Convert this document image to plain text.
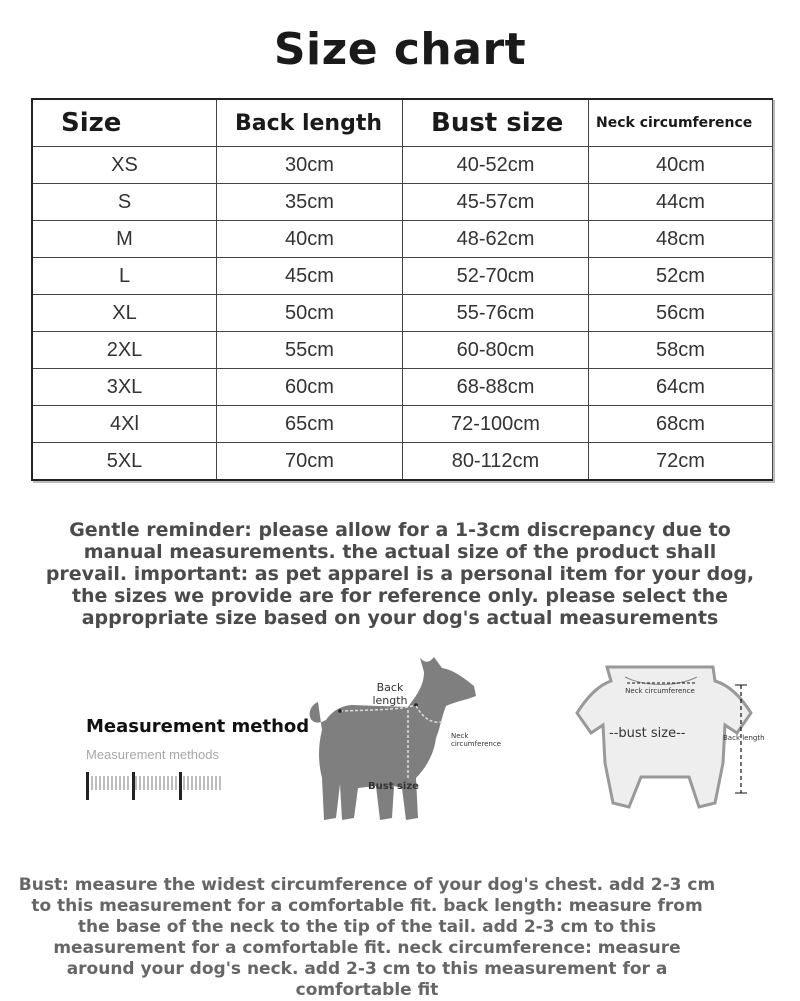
Size chart
Size	Back length	Bust size	Neck circumference
XS	30cm	40-52cm	40cm
S	35cm	45-57cm	44cm
M	40cm	48-62cm	48cm
L	45cm	52-70cm	52cm
XL	50cm	55-76cm	56cm
2XL	55cm	60-80cm	58cm
3XL	60cm	68-88cm	64cm
4Xl	65cm	72-100cm	68cm
5XL	70cm	80-112cm	72cm
Gentle reminder: please allow for a 1-3cm discrepancy due to manual measurements. the actual size of the product shall prevail. important: as pet apparel is a personal item for your dog, the sizes we provide are for reference only. please select the appropriate size based on your dog's actual measurements
Measurement method
Measurement methods
Back length
Neck circumference
Bust size
Neck circumference
--bust size--	Back length
Bust: measure the widest circumference of your dog's chest. add 2-3 cm to this measurement for a comfortable fit. back length: measure from the base of the neck to the tip of the tail. add 2-3 cm to this measurement for a comfortable fit. neck circumference: measure around your dog's neck. add 2-3 cm to this measurement for a comfortable fit
